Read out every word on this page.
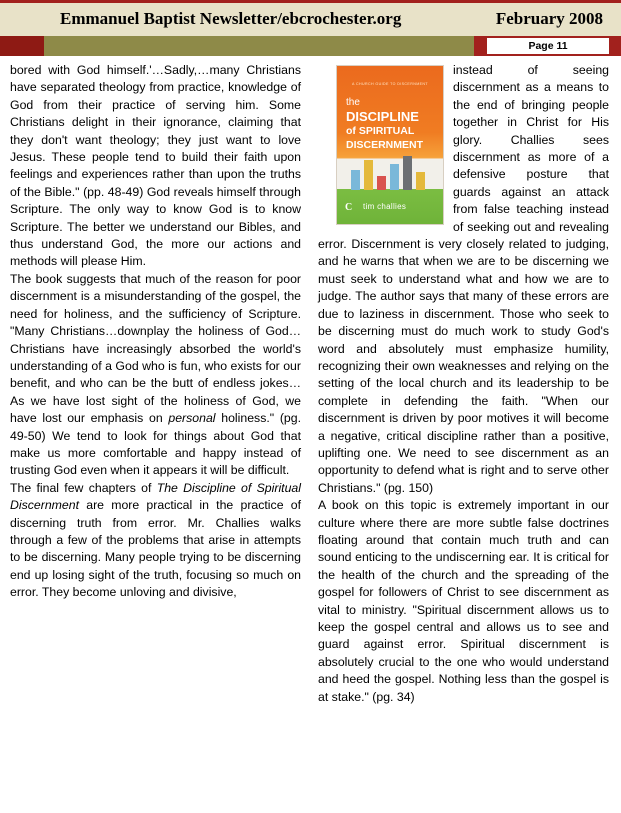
Emmanuel Baptist Newsletter/ebcrochester.org	February 2008
Page 11

bored with God himself.'…Sadly,…many Christians have separated theology from practice, knowledge of God from their practice of serving him. Some Christians delight in their ignorance, claiming that they don't want theology; they just want to love Jesus. These people tend to build their faith upon feelings and experiences rather than upon the truths of the Bible." (pp. 48-49) God reveals himself through Scripture. The only way to know God is to know Scripture. The better we understand our Bibles, and thus understand God, the more our actions and methods will please Him.

The book suggests that much of the reason for poor discernment is a misunderstanding of the gospel, the need for holiness, and the sufficiency of Scripture. "Many Christians…downplay the holiness of God…Christians have increasingly absorbed the world's understanding of a God who is fun, who exists for our benefit, and who can be the butt of endless jokes…As we have lost sight of the holiness of God, we have lost our emphasis on personal holiness." (pg. 49-50) We tend to look for things about God that make us more comfortable and happy instead of trusting God even when it appears it will be difficult.

The final few chapters of The Discipline of Spiritual Discernment are more practical in the practice of discerning truth from error. Mr. Challies walks through a few of the problems that arise in attempts to be discerning. Many people trying to be discerning end up losing sight of the truth, focusing so much on error. They become unloving and divisive,

A CHURCH GUIDE TO DISCERNMENT
the
DISCIPLINE
of SPIRITUAL
DISCERNMENT
C tim challies

instead of seeing discernment as a means to the end of bringing people together in Christ for His glory. Challies sees discernment as more of a defensive posture that guards against an attack from false teaching instead of seeking out and revealing error. Discernment is very closely related to judging, and he warns that when we are to be discerning we must seek to understand what and how we are to judge. The author says that many of these errors are due to laziness in discernment. Those who seek to be discerning must do much work to study God's word and absolutely must emphasize humility, recognizing their own weaknesses and relying on the setting of the local church and its leadership to be complete in defending the faith. "When our discernment is driven by poor motives it will become a negative, critical discipline rather than a positive, uplifting one. We need to see discernment as an opportunity to defend what is right and to serve other Christians." (pg. 150)

A book on this topic is extremely important in our culture where there are more subtle false doctrines floating around that contain much truth and can sound enticing to the undiscerning ear. It is critical for the health of the church and the spreading of the gospel for followers of Christ to see discernment as vital to ministry. "Spiritual discernment allows us to keep the gospel central and allows us to see and guard against error. Spiritual discernment is absolutely crucial to the one who would understand and heed the gospel. Nothing less than the gospel is at stake." (pg. 34)
